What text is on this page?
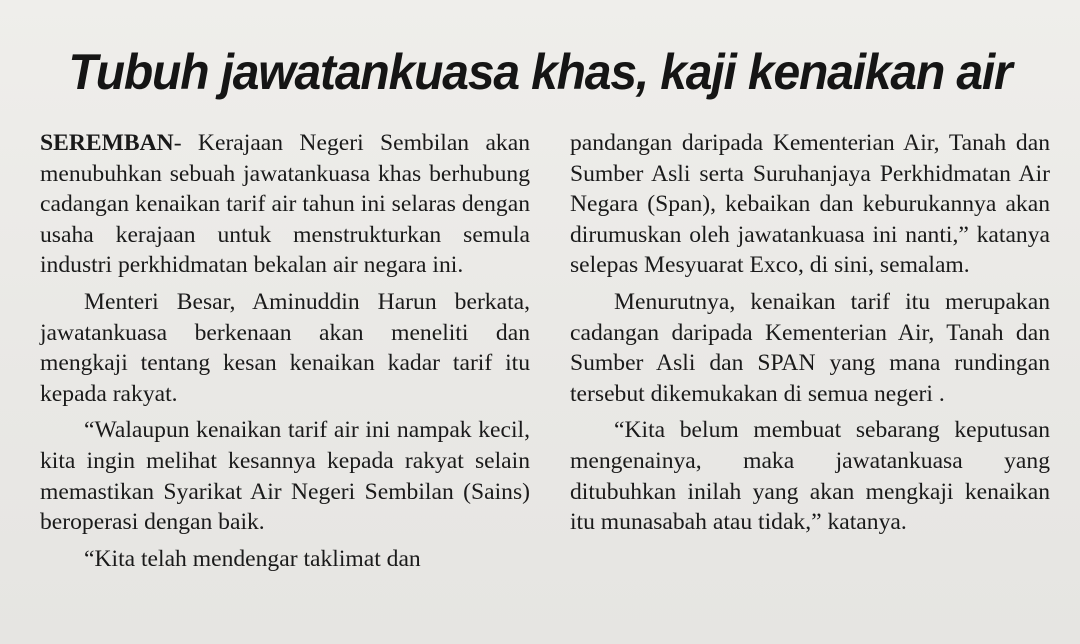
Tubuh jawatankuasa khas, kaji kenaikan air

SEREMBAN- Kerajaan Negeri Sembilan akan menubuhkan sebuah jawatankuasa khas berhubung cadangan kenaikan tarif air tahun ini selaras dengan usaha kerajaan untuk menstrukturkan semula industri perkhidmatan bekalan air negara ini.

Menteri Besar, Aminuddin Harun berkata, jawatankuasa berkenaan akan meneliti dan mengkaji tentang kesan kenaikan kadar tarif itu kepada rakyat.

“Walaupun kenaikan tarif air ini nampak kecil, kita ingin melihat kesannya kepada rakyat selain memastikan Syarikat Air Negeri Sembilan (Sains) beroperasi dengan baik.

“Kita telah mendengar taklimat dan

pandangan daripada Kementerian Air, Tanah dan Sumber Asli serta Suruhanjaya Perkhidmatan Air Negara (Span), kebaikan dan keburukannya akan dirumuskan oleh jawatankuasa ini nanti,” katanya selepas Mesyuarat Exco, di sini, semalam.

Menurutnya, kenaikan tarif itu merupakan cadangan daripada Kementerian Air, Tanah dan Sumber Asli dan SPAN yang mana rundingan tersebut dikemukakan di semua negeri .

“Kita belum membuat sebarang keputusan mengenainya, maka jawatankuasa yang ditubuhkan inilah yang akan mengkaji kenaikan itu munasabah atau tidak,” katanya.
